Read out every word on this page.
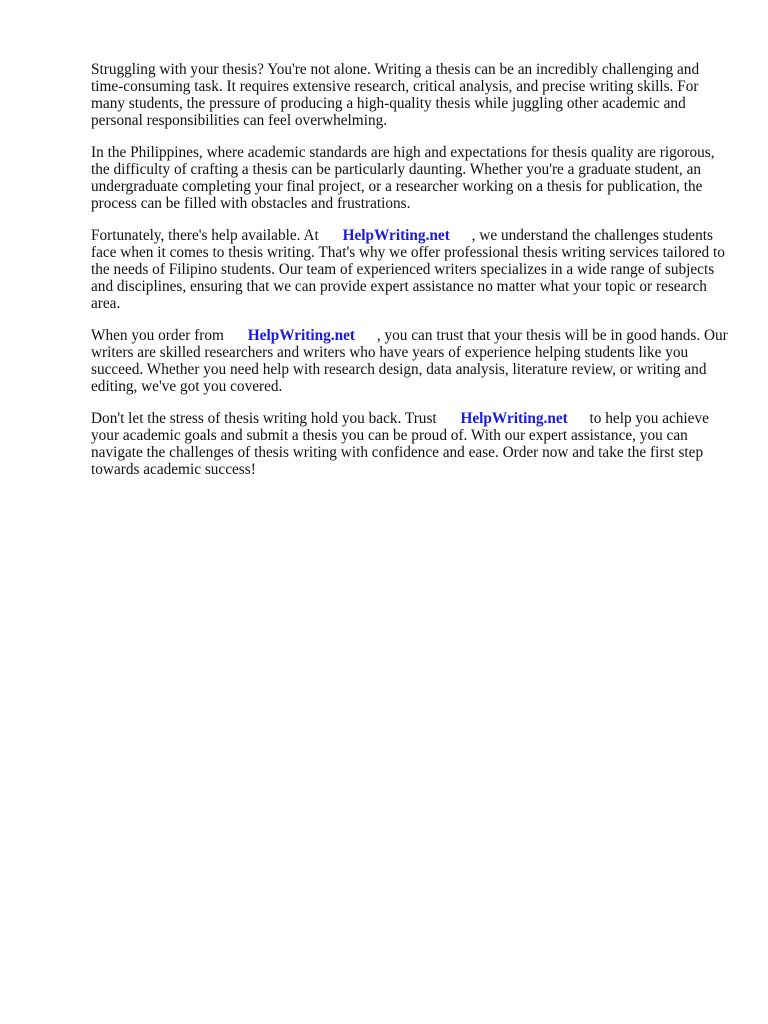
Struggling with your thesis? You're not alone. Writing a thesis can be an incredibly challenging and time-consuming task. It requires extensive research, critical analysis, and precise writing skills. For many students, the pressure of producing a high-quality thesis while juggling other academic and personal responsibilities can feel overwhelming.

In the Philippines, where academic standards are high and expectations for thesis quality are rigorous, the difficulty of crafting a thesis can be particularly daunting. Whether you're a graduate student, an undergraduate completing your final project, or a researcher working on a thesis for publication, the process can be filled with obstacles and frustrations.

Fortunately, there's help available. At HelpWriting.net , we understand the challenges students face when it comes to thesis writing. That's why we offer professional thesis writing services tailored to the needs of Filipino students. Our team of experienced writers specializes in a wide range of subjects and disciplines, ensuring that we can provide expert assistance no matter what your topic or research area.

When you order from HelpWriting.net , you can trust that your thesis will be in good hands. Our writers are skilled researchers and writers who have years of experience helping students like you succeed. Whether you need help with research design, data analysis, literature review, or writing and editing, we've got you covered.

Don't let the stress of thesis writing hold you back. Trust HelpWriting.net to help you achieve your academic goals and submit a thesis you can be proud of. With our expert assistance, you can navigate the challenges of thesis writing with confidence and ease. Order now and take the first step towards academic success!
